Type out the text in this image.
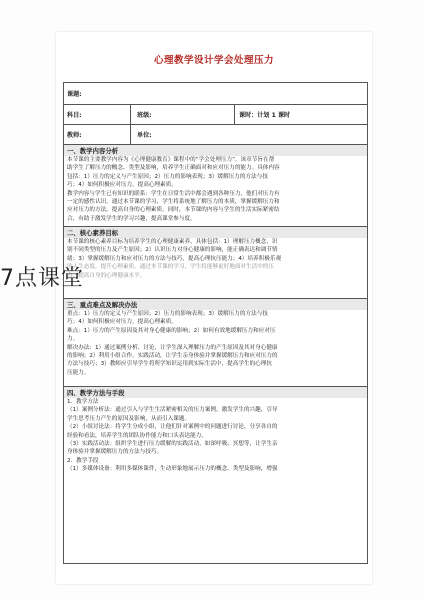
心理教学设计学会处理压力
课题:
科目:	班级:	课时：计划 1 课时
教师:	单位:
一、教学内容分析

本节课的主要教学内容为《心理健康教育》课程中的“学会处理压力”。该章节旨在帮

助学生了解压力的概念、类型及影响，培养学生正确面对和应对压力的能力。具体内容

包括：1）压力的定义与产生原因；2）压力的影响表现；3）缓解压力的方法与技

巧；4）如何积极应对压力，提高心理素质。

教学内容与学生已有知识的联系：学生在日常生活中都会遇到各种压力，他们对压力有

一定的感性认识。通过本节课的学习，学生将系统地了解压力的本质，掌握缓解压力和

应对压力的方法，提高自身的心理素质。同时，本节课的内容与学生的生活实际紧密结

合，有助于激发学生的学习兴趣，提高课堂参与度。

二、核心素养目标

本节课的核心素养目标为培养学生的心理健康素养，具体包括：1）理解压力概念，识

别不同类型的压力及产生原因；2）认识压力对身心健康的影响，能正确表达和调节情

绪；3）掌握缓解压力和应对压力的方法与技巧，提高心理抗压能力；4）培养积极乐观

的人生态度，提升心理素质。通过本节课的学习，学生将能够更好地面对生活中的压

力，提高自身的心理健康水平。

三、重点难点及解决办法

重点：1）压力的定义与产生原因；2）压力的影响表现；3）缓解压力的方法与技

巧；4）如何积极应对压力，提高心理素质。

难点：1）压力的产生原因及其对身心健康的影响；2）如何有效地缓解压力和应对压

力。

解决办法：1）通过案例分析、讨论，让学生深入理解压力的产生原因及其对身心健康

的影响；2）利用小组合作、实践活动，让学生亲身体验并掌握缓解压力和应对压力的

方法与技巧；3）教师应引导学生将所学知识运用到实际生活中，提高学生的心理抗

压能力。

四、教学方法与手段

1．教学方法

（1）案例分析法：通过引入与学生生活紧密相关的压力案例，激发学生的兴趣，引导

学生思考压力产生的原因及影响，从而引入课题。

（2）小组讨论法：将学生分成小组，让他们针对案例中的问题进行讨论，分享各自的

经验和看法，培养学生的团队协作能力和口头表达能力。

（3）实践活动法：组织学生进行压力缓解的实践活动，如深呼吸、冥想等，让学生亲

身体验并掌握缓解压力的方法与技巧。

2．教学手段

（1）多媒体设备：利用多媒体课件，生动形象地展示压力的概念、类型及影响，增强

7点课堂
